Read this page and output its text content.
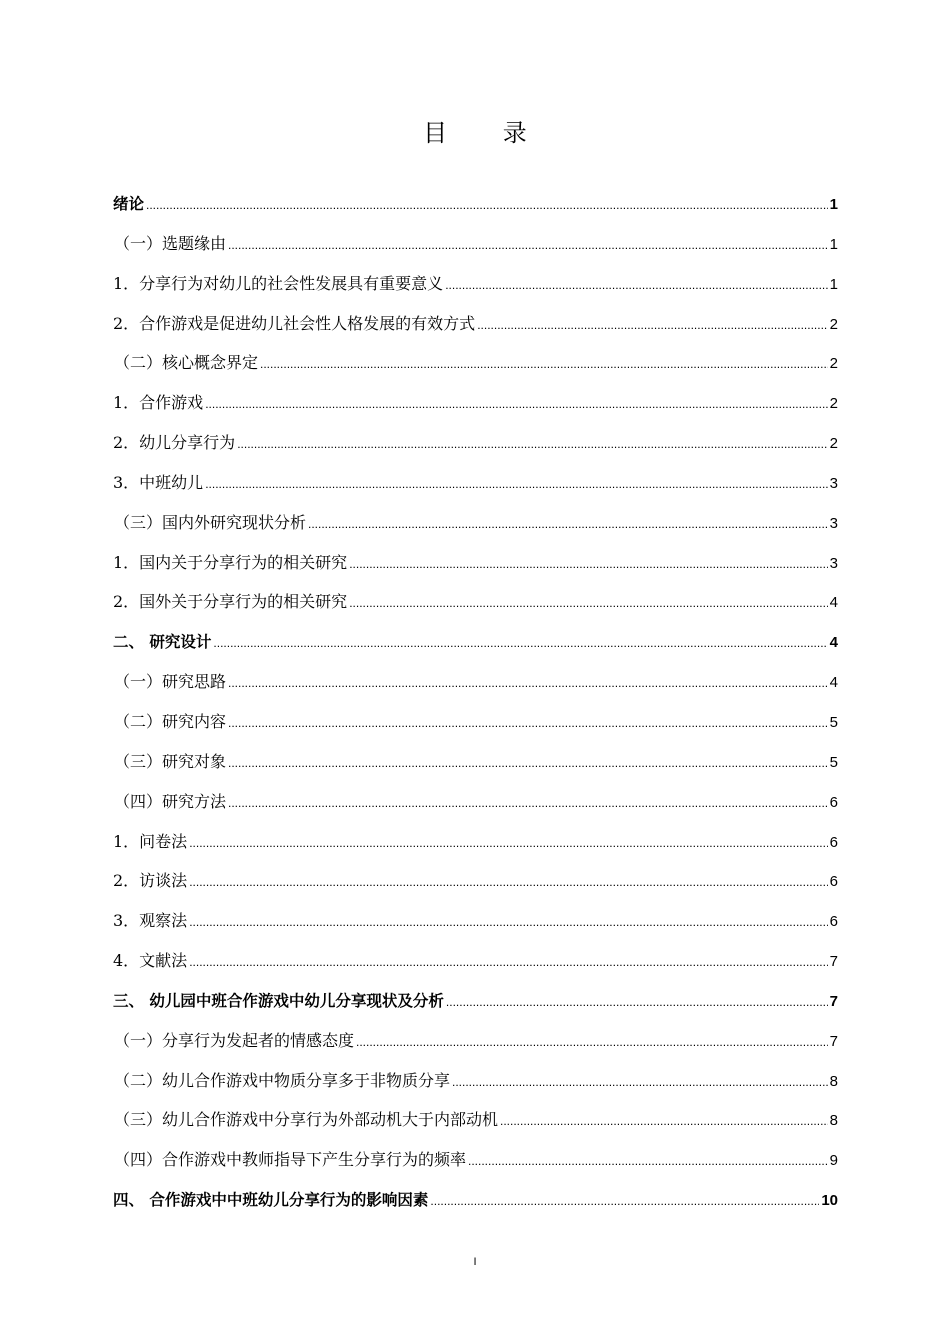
目 录
绪论 .....	1
（一）选题缘由 .....	1
1．分享行为对幼儿的社会性发展具有重要意义 .....	1
2．合作游戏是促进幼儿社会性人格发展的有效方式 .....	2
（二）核心概念界定 .....	2
1．合作游戏 .....	2
2．幼儿分享行为 .....	2
3．中班幼儿 .....	3
（三）国内外研究现状分析 .....	3
1．国内关于分享行为的相关研究 .....	3
2．国外关于分享行为的相关研究 .....	4
二、 研究设计 .....	4
（一）研究思路 .....	4
（二）研究内容 .....	5
（三）研究对象 .....	5
（四）研究方法 .....	6
1．问卷法 .....	6
2．访谈法 .....	6
3．观察法 .....	6
4．文献法 .....	7
三、 幼儿园中班合作游戏中幼儿分享现状及分析 .....	7
（一）分享行为发起者的情感态度 .....	7
（二）幼儿合作游戏中物质分享多于非物质分享 .....	8
（三）幼儿合作游戏中分享行为外部动机大于内部动机 .....	8
（四）合作游戏中教师指导下产生分享行为的频率 .....	9
四、 合作游戏中中班幼儿分享行为的影响因素 .....	10
I
